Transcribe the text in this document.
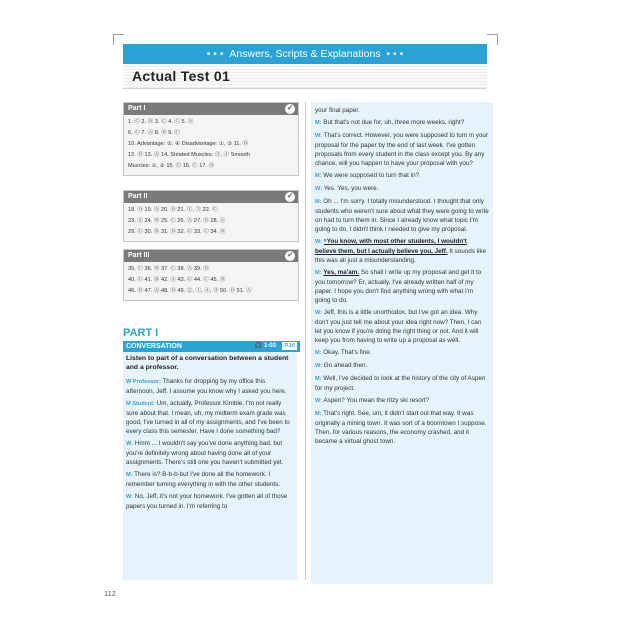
• • •  Answers, Scripts & Explanations  • • •
Actual Test 01
Part I	✔
1. Ⓒ 2. Ⓑ 3. Ⓒ 4. Ⓒ 5. Ⓐ
6. Ⓒ 7. Ⓐ 8. Ⓓ 9. Ⓒ
10. Advantage: ②, ④ Disadvantage: ①, ③ 11. Ⓑ
12. Ⓑ 13. Ⓐ 14. Striated Muscles: ③, ④ Smooth
Muscles: ①, ② 15. Ⓒ 16. Ⓒ 17. Ⓑ
Part II	✔
18. Ⓓ 19. Ⓐ 20. Ⓑ 21. ①, ③ 22. Ⓒ
23. Ⓐ 24. Ⓑ 25. Ⓒ 26. Ⓐ 27. Ⓓ 28. Ⓐ
29. Ⓒ 30. Ⓑ 31. Ⓓ 32. Ⓒ 33. Ⓒ 34. Ⓑ
Part III	✔
35. Ⓒ 36. Ⓑ 37. Ⓒ 38. Ⓐ 39. Ⓓ
40. Ⓒ 41. Ⓓ 42. Ⓐ 43. Ⓒ 44. Ⓒ 45. Ⓑ
46. Ⓑ 47. Ⓐ 48. Ⓓ 49. ②, ①, ④, ③ 50. Ⓓ 51. Ⓐ
PART I
CONVERSATION	🎧 1-03	P.10
Listen to part of a conversation between a student and a professor.

W Professor: Thanks for dropping by my office this afternoon, Jeff. I assume you know why I asked you here.

M Student: Um, actually, Professor Kimble, I'm not really sure about that. I mean, uh, my midterm exam grade was good, I've turned in all of my assignments, and I've been to every class this semester. Have I done something bad?

W: Hmm ... I wouldn't say you've done anything bad, but you're definitely wrong about having done all of your assignments. There's still one you haven't submitted yet.

M: There is? B-b-b-but I've done all the homework. I remember turning everything in with the other students.

W: No, Jeff, it's not your homework. I've gotten all of those papers you turned in. I'm referring to

your final paper.

M: But that's not due for, uh, three more weeks, right?

W: That's correct. However, you were supposed to turn in your proposal for the paper by the end of last week. I've gotten proposals from every student in the class except you. By any chance, will you happen to have your proposal with you?

M: We were supposed to turn that in?

W: Yes. Yes, you were.

M: Oh ... I'm sorry. I totally misunderstood. I thought that only students who weren't sure about what they were going to write on had to turn them in. Since I already know what topic I'm going to do, I didn't think I needed to give my proposal.

W: ⁵You know, with most other students, I wouldn't believe them, but I actually believe you, Jeff. It sounds like this was all just a misunderstanding.

M: Yes, ma'am. So shall I write up my proposal and get it to you tomorrow? Er, actually, I've already written half of my paper. I hope you don't find anything wrong with what I'm going to do.

W: Jeff, this is a little unorthodox, but I've got an idea. Why don't you just tell me about your idea right now? Then, I can let you know if you're doing the right thing or not. And it will keep you from having to write up a proposal as well.

M: Okay. That's fine.

W: Go ahead then.

M: Well, I've decided to look at the history of the city of Aspen for my project.

W: Aspen? You mean the ritzy ski resort?

M: That's right. See, um, it didn't start out that way. It was originally a mining town. It was sort of a boomtown I suppose. Then, for various reasons, the economy crashed, and it became a virtual ghost town.

112
